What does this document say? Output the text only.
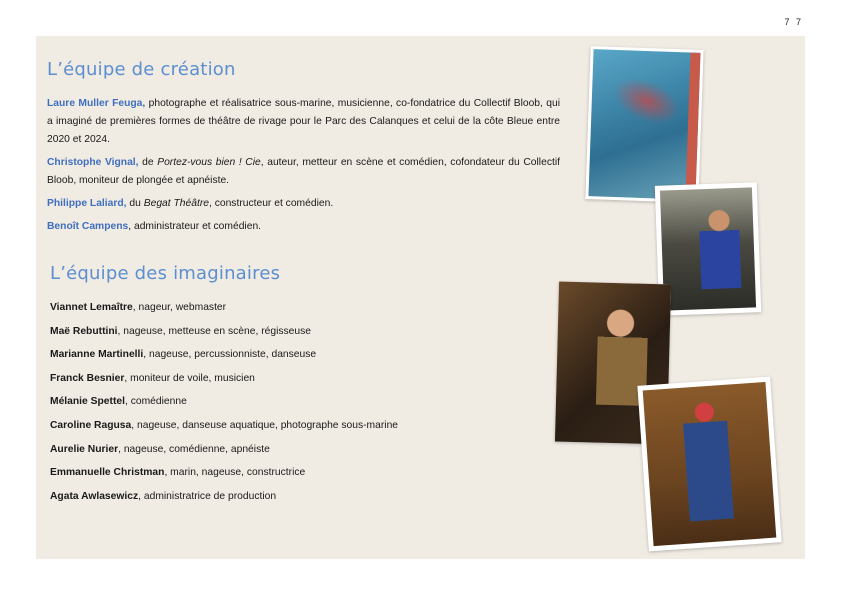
7 7
L’équipe de création

Laure Muller Feuga, photographe et réalisatrice sous-marine, musicienne, co-fondatrice du Collectif Bloob, qui a imaginé de premières formes de théâtre de rivage pour le Parc des Calanques et celui de la côte Bleue entre 2020 et 2024.

Christophe Vignal, de Portez-vous bien ! Cie, auteur, metteur en scène et comédien, cofondateur du Collectif Bloob, moniteur de plongée et apnéiste.

Philippe Laliard, du Begat Théâtre, constructeur et comédien.

Benoît Campens, administrateur et comédien.

L’équipe des imaginaires
Viannet Lemaître, nageur, webmaster
Maë Rebuttini, nageuse, metteuse en scène, régisseuse
Marianne Martinelli, nageuse, percussionniste, danseuse
Franck Besnier, moniteur de voile, musicien
Mélanie Spettel, comédienne
Caroline Ragusa, nageuse, danseuse aquatique, photographe sous-marine
Aurelie Nurier, nageuse, comédienne, apnéiste
Emmanuelle Christman, marin, nageuse, constructrice
Agata Awlasewicz, administratrice de production
